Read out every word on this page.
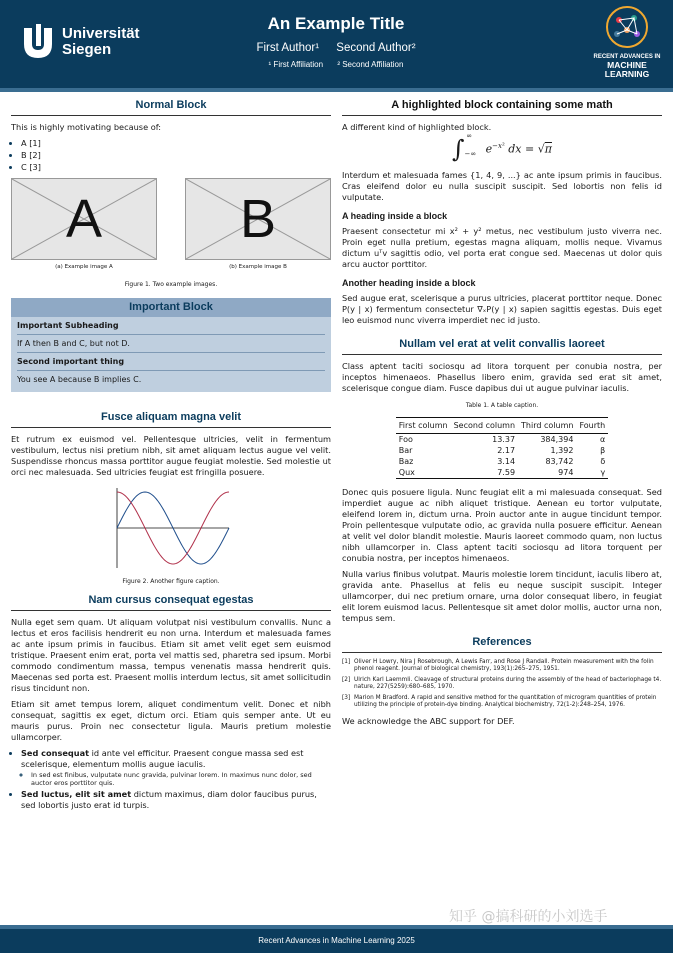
Universität
Siegen
An Example Title
First Author¹ Second Author²
¹ First Affiliation ² Second Affiliation
RECENT ADVANCES IN
MACHINE
LEARNING
Normal Block

This is highly motivating because of:

• A [1]
• B [2]
• C [3]
A
(a) Example image A
B
(b) Example image B
Figure 1. Two example images.
Important Block
Important Subheading
If A then B and C, but not D.
Second important thing
You see A because B implies C.
Fusce aliquam magna velit

Et rutrum ex euismod vel. Pellentesque ultricies, velit in fermentum vestibulum, lectus nisi pretium nibh, sit amet aliquam lectus augue vel velit. Suspendisse rhoncus massa porttitor augue feugiat molestie. Sed molestie ut orci nec malesuada. Sed ultricies feugiat est fringilla posuere.

Figure 2. Another figure caption.
Nam cursus consequat egestas

Nulla eget sem quam. Ut aliquam volutpat nisi vestibulum convallis. Nunc a lectus et eros facilisis hendrerit eu non urna. Interdum et malesuada fames ac ante ipsum primis in faucibus. Etiam sit amet velit eget sem euismod tristique. Praesent enim erat, porta vel mattis sed, pharetra sed ipsum. Morbi commodo condimentum massa, tempus venenatis massa hendrerit quis. Maecenas sed porta est. Praesent mollis interdum lectus, sit amet sollicitudin risus tincidunt non.

Etiam sit amet tempus lorem, aliquet condimentum velit. Donec et nibh consequat, sagittis ex eget, dictum orci. Etiam quis semper ante. Ut eu mauris purus. Proin nec consectetur ligula. Mauris pretium molestie ullamcorper.

• Sed consequat id ante vel efficitur. Praesent congue massa sed est scelerisque, elementum mollis augue iaculis.
◦ In sed est finibus, vulputate nunc gravida, pulvinar lorem. In maximus nunc dolor, sed auctor eros porttitor quis.
• Sed luctus, elit sit amet dictum maximus, diam dolor faucibus purus, sed lobortis justo erat id turpis.
A highlighted block containing some math

A different kind of highlighted block.

$\int_{-\infty}^\infty$ $e^{-x^2}$ dx = √π

Interdum et malesuada fames {1, 4, 9, ...} ac ante ipsum primis in faucibus. Cras eleifend dolor eu nulla suscipit suscipit. Sed lobortis non felis id vulputate.

A heading inside a block

Praesent consectetur mi x² + y² metus, nec vestibulum justo viverra nec. Proin eget nulla pretium, egestas magna aliquam, mollis neque. Vivamus dictum uᵀv sagittis odio, vel porta erat congue sed. Maecenas ut dolor quis arcu auctor porttitor.

Another heading inside a block

Sed augue erat, scelerisque a purus ultricies, placerat porttitor neque. Donec P(y | x) fermentum consectetur ∇ₓP(y | x) sapien sagittis egestas. Duis eget leo euismod nunc viverra imperdiet nec id justo.

Nullam vel erat at velit convallis laoreet

Class aptent taciti sociosqu ad litora torquent per conubia nostra, per inceptos himenaeos. Phasellus libero enim, gravida sed erat sit amet, scelerisque congue diam. Fusce dapibus dui ut augue pulvinar iaculis.

Table 1. A table caption.
First column	Second column	Third column	Fourth
Foo	13.37	384,394	α
Bar	2.17	1,392	β
Baz	3.14	83,742	δ
Qux	7.59	974	γ

Donec quis posuere ligula. Nunc feugiat elit a mi malesuada consequat. Sed imperdiet augue ac nibh aliquet tristique. Aenean eu tortor vulputate, eleifend lorem in, dictum urna. Proin auctor ante in augue tincidunt tempor. Proin pellentesque vulputate odio, ac gravida nulla posuere efficitur. Aenean at velit vel dolor blandit molestie. Mauris laoreet commodo quam, non luctus nibh ullamcorper in. Class aptent taciti sociosqu ad litora torquent per conubia nostra, per inceptos himenaeos.

Nulla varius finibus volutpat. Mauris molestie lorem tincidunt, iaculis libero at, gravida ante. Phasellus at felis eu neque suscipit suscipit. Integer ullamcorper, dui nec pretium ornare, urna dolor consequat libero, in feugiat elit lorem euismod lacus. Pellentesque sit amet dolor mollis, auctor urna non, tempus sem.

References
[1] Oliver H Lowry, Nira J Rosebrough, A Lewis Farr, and Rose J Randall. Protein measurement with the folin phenol reagent. Journal of biological chemistry, 193(1):265–275, 1951.
[2] Ulrich Karl Laemmli. Cleavage of structural proteins during the assembly of the head of bacteriophage t4. nature, 227(5259):680–685, 1970.
[3] Marion M Bradford. A rapid and sensitive method for the quantitation of microgram quantities of protein utilizing the principle of protein-dye binding. Analytical biochemistry, 72(1-2):248–254, 1976.

We acknowledge the ABC support for DEF.

知乎 @搞科研的小刘选手
Recent Advances in Machine Learning 2025
